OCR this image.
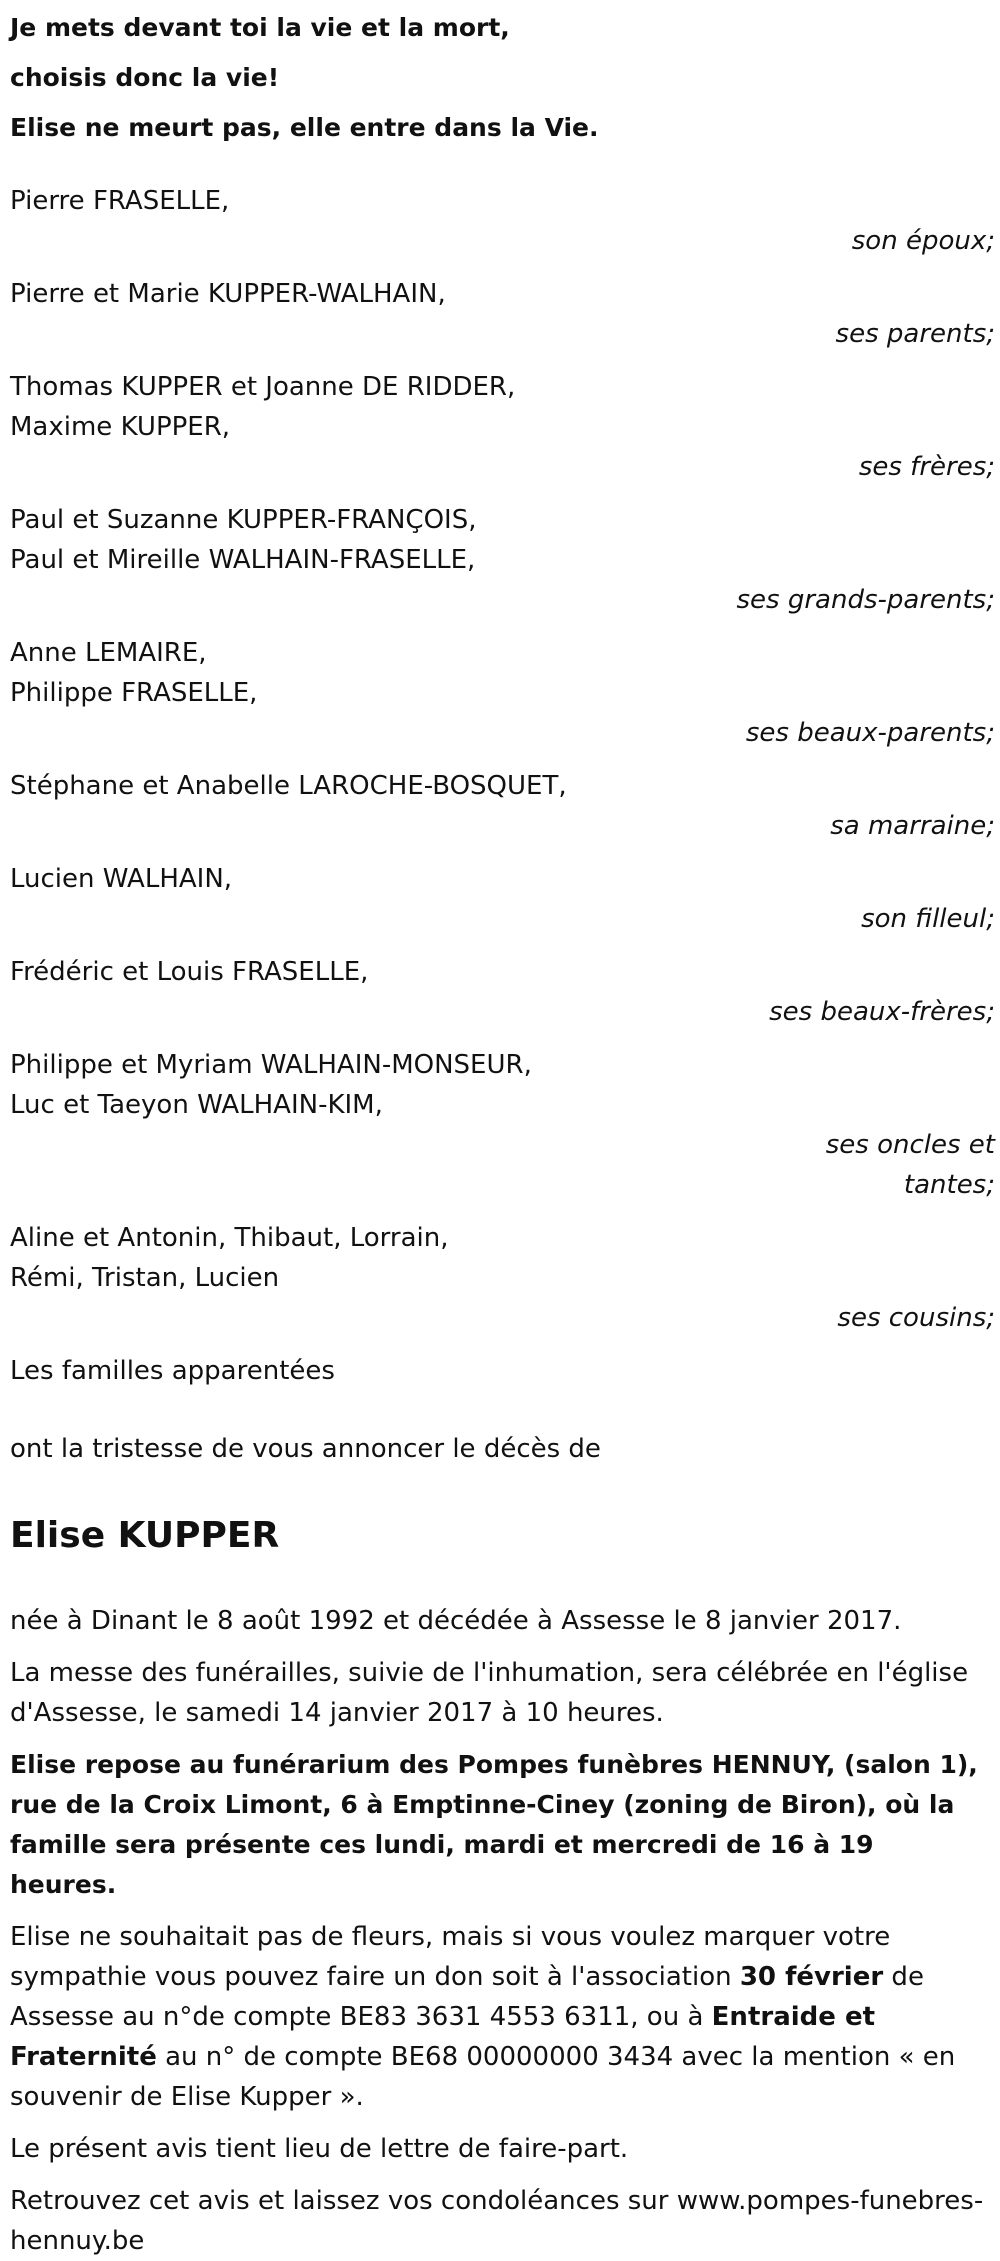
Je mets devant toi la vie et la mort,
choisis donc la vie!
Elise ne meurt pas, elle entre dans la Vie.
Pierre FRASELLE,
son époux;
Pierre et Marie KUPPER-WALHAIN,
ses parents;
Thomas KUPPER et Joanne DE RIDDER,
Maxime KUPPER,
ses frères;
Paul et Suzanne KUPPER-FRANÇOIS,
Paul et Mireille WALHAIN-FRASELLE,
ses grands-parents;
Anne LEMAIRE,
Philippe FRASELLE,
ses beaux-parents;
Stéphane et Anabelle LAROCHE-BOSQUET,
sa marraine;
Lucien WALHAIN,
son filleul;
Frédéric et Louis FRASELLE,
ses beaux-frères;
Philippe et Myriam WALHAIN-MONSEUR,
Luc et Taeyon WALHAIN-KIM,
ses oncles et
tantes;
Aline et Antonin, Thibaut, Lorrain,
Rémi, Tristan, Lucien
ses cousins;
Les familles apparentées
ont la tristesse de vous annoncer le décès de
Elise KUPPER
née à Dinant le 8 août 1992 et décédée à Assesse le 8 janvier 2017.
La messe des funérailles, suivie de l'inhumation, sera célébrée en l'église d'Assesse, le samedi 14 janvier 2017 à 10 heures.
Elise repose au funérarium des Pompes funèbres HENNUY, (salon 1), rue de la Croix Limont, 6 à Emptinne-Ciney (zoning de Biron), où la famille sera présente ces lundi, mardi et mercredi de 16 à 19 heures.
Elise ne souhaitait pas de fleurs, mais si vous voulez marquer votre sympathie vous pouvez faire un don soit à l'association 30 février de Assesse au n°de compte BE83 3631 4553 6311, ou à Entraide et Fraternité au n° de compte BE68 00000000 3434 avec la mention « en souvenir de Elise Kupper ».
Le présent avis tient lieu de lettre de faire-part.
Retrouvez cet avis et laissez vos condoléances sur www.pompes-funebres-hennuy.be
